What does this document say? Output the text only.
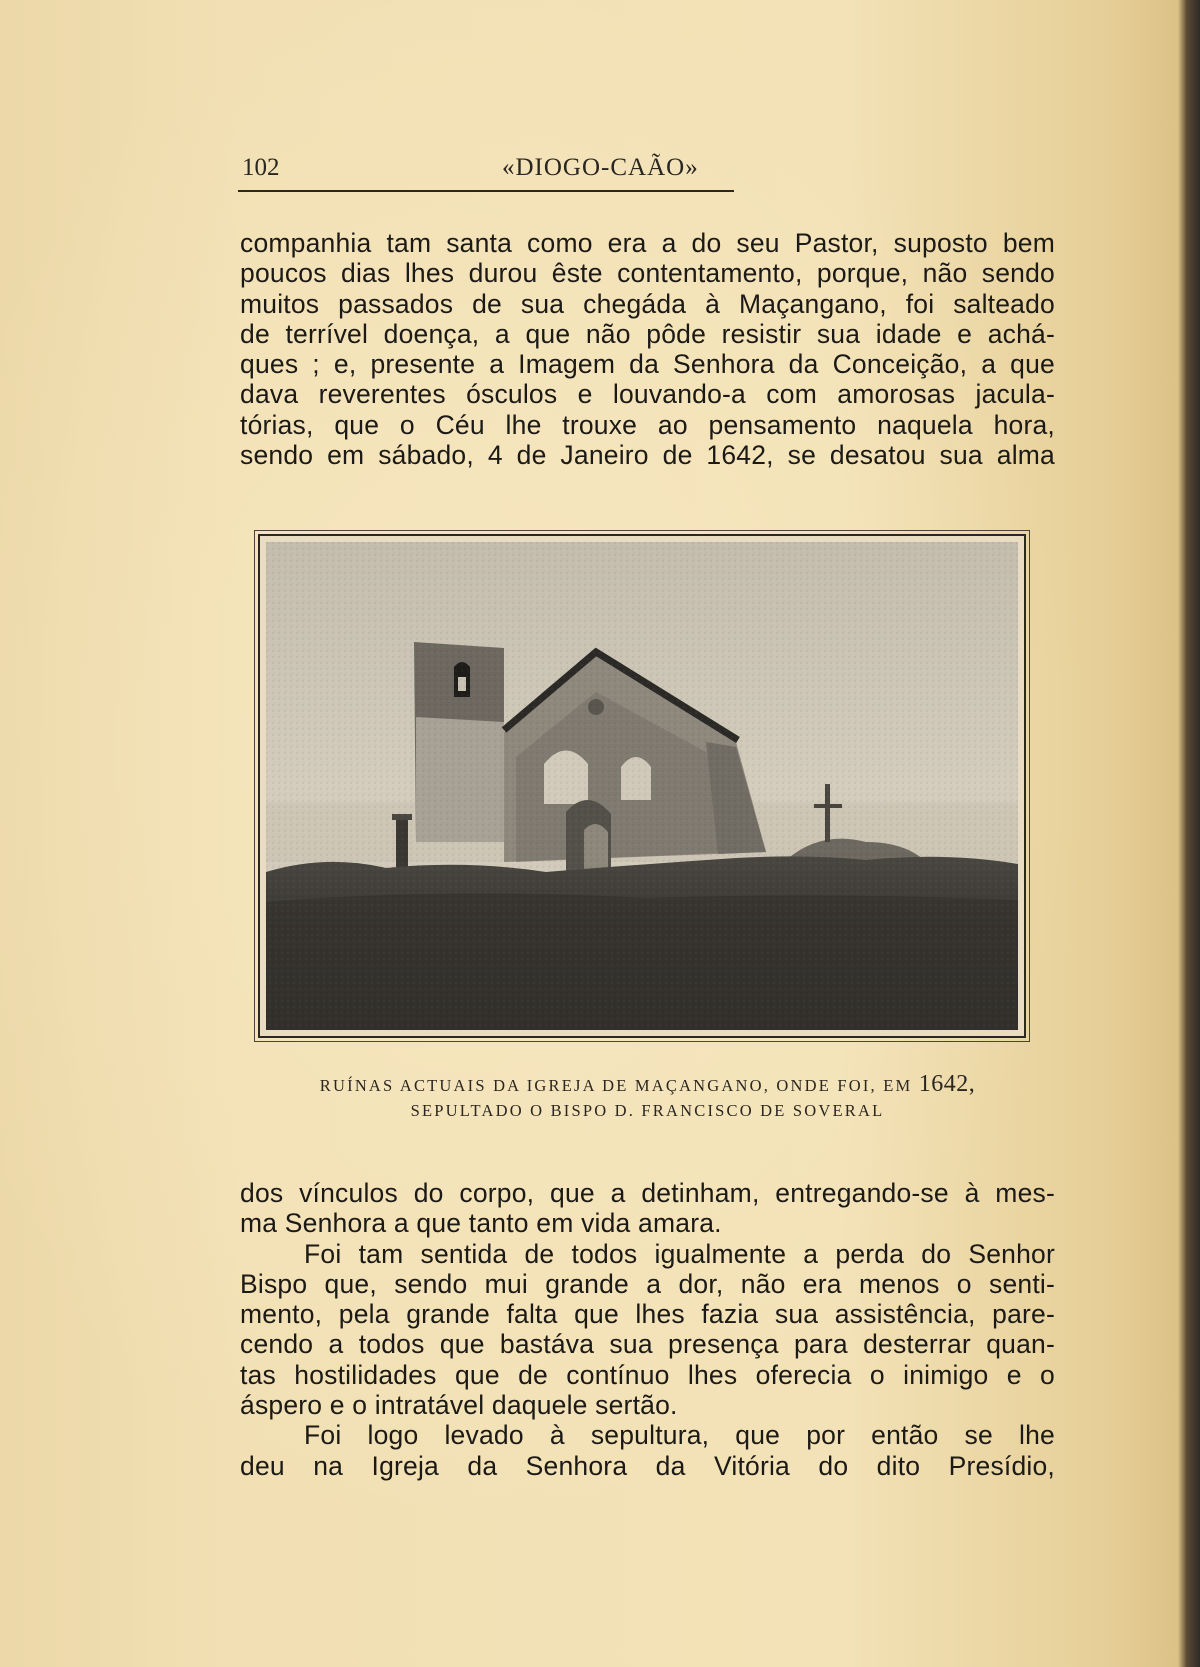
102	«DIOGO-CAÃO»
companhia tam santa como era a do seu Pastor, suposto bem
poucos dias lhes durou êste contentamento, porque, não sendo
muitos passados de sua chegáda à Maçangano, foi salteado
de terrível doença, a que não pôde resistir sua idade e achá-
ques ; e, presente a Imagem da Senhora da Conceição, a que
dava reverentes ósculos e louvando-a com amorosas jacula-
tórias, que o Céu lhe trouxe ao pensamento naquela hora,
sendo em sábado, 4 de Janeiro de 1642, se desatou sua alma
RUÍNAS ACTUAIS DA IGREJA DE MAÇANGANO, ONDE FOI, EM 1642,
SEPULTADO O BISPO D. FRANCISCO DE SOVERAL
dos vínculos do corpo, que a detinham, entregando-se à mes-
ma Senhora a que tanto em vida amara.
Foi tam sentida de todos igualmente a perda do Senhor
Bispo que, sendo mui grande a dor, não era menos o senti-
mento, pela grande falta que lhes fazia sua assistência, pare-
cendo a todos que bastáva sua presença para desterrar quan-
tas hostilidades que de contínuo lhes oferecia o inimigo e o
áspero e o intratável daquele sertão.
Foi logo levado à sepultura, que por então se lhe
deu na Igreja da Senhora da Vitória do dito Presídio,
